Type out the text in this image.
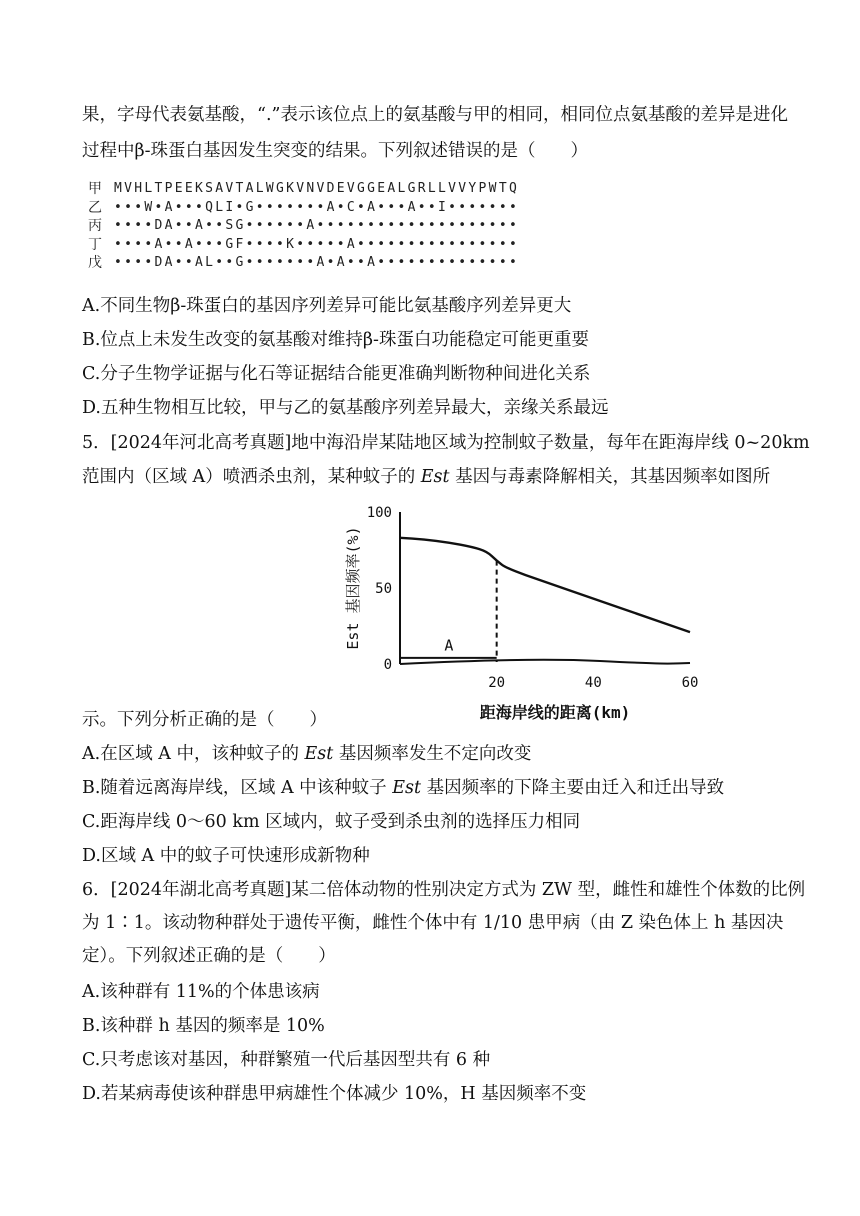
果，字母代表氨基酸，“.”表示该位点上的氨基酸与甲的相同，相同位点氨基酸的差异是进化
过程中β-珠蛋白基因发生突变的结果。下列叙述错误的是（　　）
甲 MVHLTPEEKSAVTALWGKVNVDEVGGEALGRLLVVYPWTQ
乙 •••W•A•••QLI•G•••••••A•C•A•••A••I•••••••
丙 ••••DA••A••SG••••••A••••••••••••••••••••
丁 ••••A••A•••GF••••K•••••A••••••••••••••••
戊 ••••DA••AL••G•••••••A•A••A••••••••••••••
A.不同生物β-珠蛋白的基因序列差异可能比氨基酸序列差异更大
B.位点上未发生改变的氨基酸对维持β-珠蛋白功能稳定可能更重要
C.分子生物学证据与化石等证据结合能更准确判断物种间进化关系
D.五种生物相互比较，甲与乙的氨基酸序列差异最大，亲缘关系最远
5．[2024年河北高考真题]地中海沿岸某陆地区域为控制蚊子数量，每年在距海岸线 0~20km
范围内（区域 A）喷洒杀虫剂，某种蚊子的 Est 基因与毒素降解相关，其基因频率如图所
0
50
100
20	40	60
A
Est 基因频率(%)
距海岸线的距离(km)
示。下列分析正确的是（　　）
A.在区域 A 中，该种蚊子的 Est 基因频率发生不定向改变
B.随着远离海岸线，区域 A 中该种蚊子 Est 基因频率的下降主要由迁入和迁出导致
C.距海岸线 0～60 km 区域内，蚊子受到杀虫剂的选择压力相同
D.区域 A 中的蚊子可快速形成新物种
6．[2024年湖北高考真题]某二倍体动物的性别决定方式为 ZW 型，雌性和雄性个体数的比例
为 1∶1。该动物种群处于遗传平衡，雌性个体中有 1/10 患甲病（由 Z 染色体上 h 基因决
定）。下列叙述正确的是（　　）
A.该种群有 11%的个体患该病
B.该种群 h 基因的频率是 10%
C.只考虑该对基因，种群繁殖一代后基因型共有 6 种
D.若某病毒使该种群患甲病雄性个体减少 10%，H 基因频率不变
